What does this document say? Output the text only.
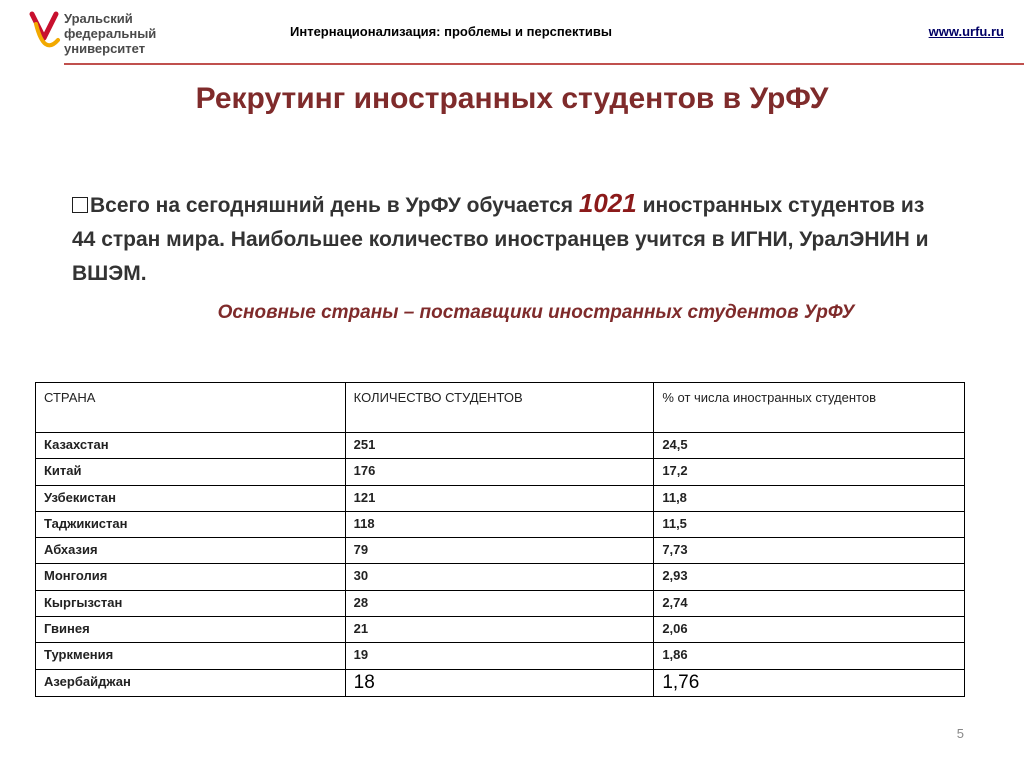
Уральский
федеральный
университет
Интернационализация: проблемы и перспективы	www.urfu.ru
Рекрутинг иностранных студентов в УрФУ
Всего на сегодняшний день в УрФУ обучается 1021 иностранных студентов из 44 стран мира. Наибольшее количество иностранцев учится в ИГНИ, УралЭНИН и ВШЭМ.
Основные страны – поставщики иностранных студентов УрФУ
СТРАНА	КОЛИЧЕСТВО СТУДЕНТОВ	% от числа иностранных студентов
Казахстан	251	24,5
Китай	176	17,2
Узбекистан	121	11,8
Таджикистан	118	11,5
Абхазия	79	7,73
Монголия	30	2,93
Кыргызстан	28	2,74
Гвинея	21	2,06
Туркмения	19	1,86
Азербайджан	18	1,76
5
